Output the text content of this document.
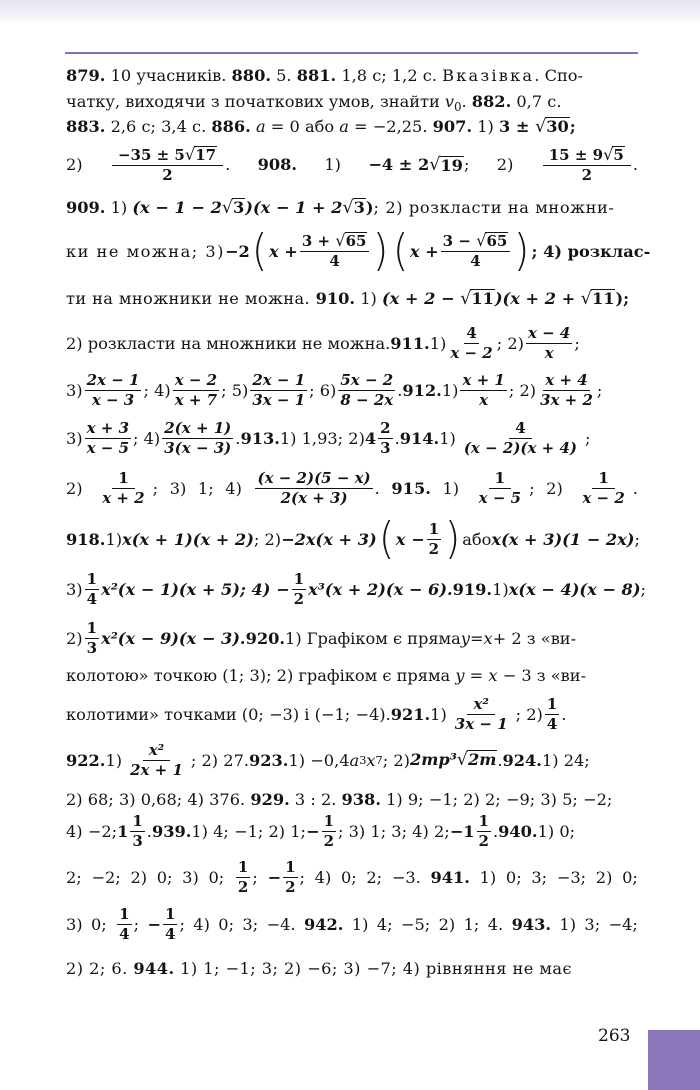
879. 10 учасників. 880. 5. 881. 1,8 с; 1,2 с. Вказівка. Спо-
чатку, виходячи з початкових умов, знайти $v_0$. 882. 0,7 с.
883. 2,6 с; 3,4 с. 886. a = 0 або a = −2,25. 907. 1) 3 ± √30;
$2) \frac{-35 \pm 5√17}{2}$ . 908. 1) −4 ± 2 √ 19 ; $2) \frac{15 \pm 9√5}{2}$ .
909. 1) (x − 1 − 2√3)(x − 1 + 2√3); 2) розкласти на множни-
ки не можна; 3) −2 ( $x + \frac{3 + √65}{4}$ ) ( $x + \frac{3 - √65}{4}$ ) ; 4) розклас-
ти на множники не можна. 910. 1) (x + 2 − √11)(x + 2 + √11);
2) розкласти на множники не можна. 911. $1) \frac{4}{x - 2}$ ; $2) \frac{x - 4}{x}$ ;
$3) \frac{2x - 1}{x - 3}$ ; $4) \frac{x - 2}{x + 7}$ ; $5) \frac{2x - 1}{3x - 1}$ ; $6) \frac{5x - 2}{8 - 2x}$ . 912. $1) \frac{x + 1}{x}$ ; $2) \frac{x + 4}{3x + 2}$ ;
$3) \frac{x + 3}{x - 5}$ ; $4) \frac{2(x + 1)}{3(x - 3)}$ . 913. 1) 1,93; 2) $4 \frac{2}{3}$ . 914. $1) \frac{4}{(x - 2)(x + 4)}$ ;
$2) \frac{1}{x + 2}$ ; 3) 1; $4) \frac{(x - 2)(5 - x)}{2(x + 3)}$ . 915. $1) \frac{1}{x - 5}$ ; $2) \frac{1}{x - 2}$ .
918. 1) x(x + 1)(x + 2) ; 2) −2x(x + 3) ( $x - \frac{1}{2}$ ) або x(x + 3)(1 − 2x) ;
$3) \frac{1}{4} x^2(x - 1)(x + 5)$; $4) - \frac{1}{2} x^3(x + 2)(x - 6)$. 919. 1) x(x − 4)(x − 8) ;
$2) \frac{1}{3} x^2(x - 9)(x - 3)$. 920. 1) Графіком є пряма y = x + 2 з «ви-
колотою» точкою (1; 3); 2) графіком є пряма y = x − 3 з «ви-
колотими» точками (0; −3) і (−1; −4). 921. $1) \frac{\text{x²}}{3x - 1}$ ; $2) \frac{1}{4}$ .
922. $1) \frac{\text{x²}}{2x + 1}$ ; 2) 27. 923. 1) −0,4 a 3 x 7 ; 2) 2mp³√2m . 924. 1) 24;
2) 68; 3) 0,68; 4) 376. 929. 3 : 2. 938. 1) 9; −1; 2) 2; −9; 3) 5; −2;
4) −2; $1 \frac{1}{3}$ . 939. 1) 4; −1; 2) 1; − $\frac{1}{2}$ ; 3) 1; 3; 4) 2; $-1 \frac{1}{2}$ . 940. 1) 0;
2; −2; 2) 0; 3) 0; $\frac{1}{2}$ ; − $\frac{1}{2}$ ; 4) 0; 2; −3. 941. 1) 0; 3; −3; 2) 0;
3) 0; $\frac{1}{4}$ ; − $\frac{1}{4}$ ; 4) 0; 3; −4. 942. 1) 4; −5; 2) 1; 4. 943. 1) 3; −4;
2) 2; 6. 944. 1) 1; −1; 3; 2) −6; 3) −7; 4) рівняння не має
263
